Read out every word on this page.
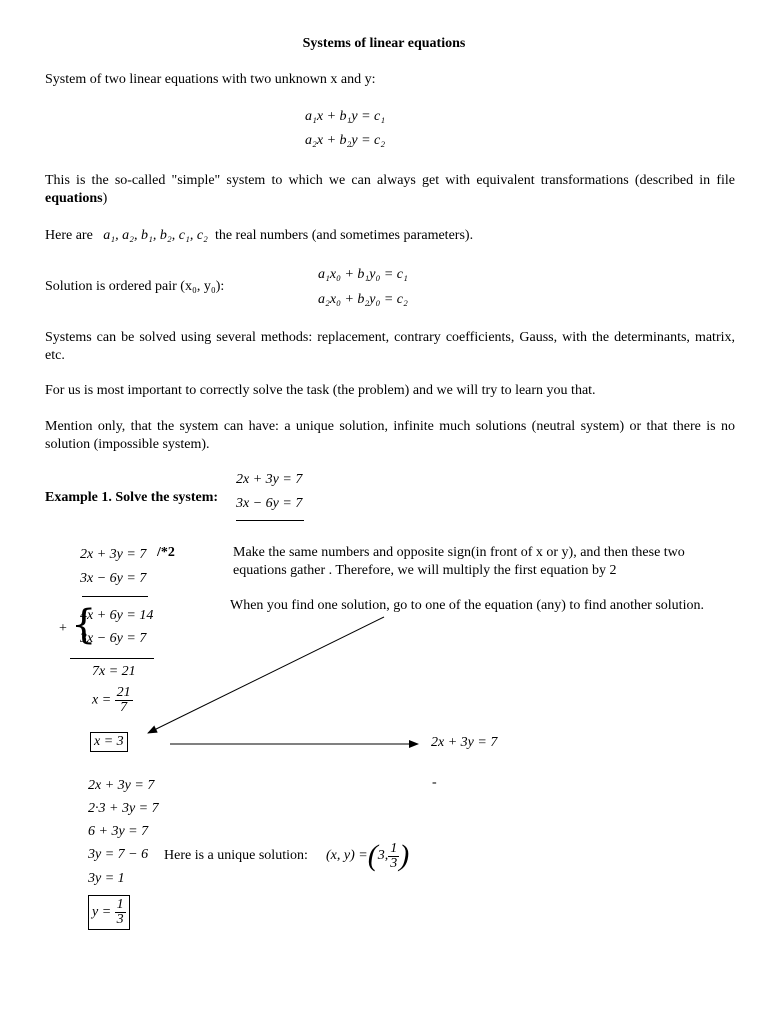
Systems of linear equations
System of two linear equations with two unknown x and y:
a₁x + b₁y = c₁
a₂x + b₂y = c₂
This is the so-called "simple" system to which we can always get with equivalent transformations (described in file equations)
Here are a₁, a₂, b₁, b₂, c₁, c₂ the real numbers (and sometimes parameters).
Solution is ordered pair (x₀, y₀):
a₁x₀ + b₁y₀ = c₁
a₂x₀ + b₂y₀ = c₂
Systems can be solved using several methods: replacement, contrary coefficients, Gauss, with the determinants, matrix, etc.
For us is most important to correctly solve the task (the problem) and we will try to learn you that.
Mention only, that the system can have: a unique solution, infinite much solutions (neutral system) or that there is no solution (impossible system).
Example 1. Solve the system:
2x + 3y = 7
3x − 6y = 7
2x + 3y = 7 /*2
3x − 6y = 7
Make the same numbers and opposite sign(in front of x or y), and then these two equations gather . Therefore, we will multiply the first equation by 2
+ {
4x + 6y = 14
3x − 6y = 7
When you find one solution, go to one of the equation (any) to find another solution.
7x = 21
$x = \frac{21}{7}$
x = 3	2x + 3y = 7
-
2x + 3y = 7
2·3 + 3y = 7
6 + 3y = 7
3y = 7 − 6
3y = 1
Here is a unique solution: (x, y) = ( 3, $\frac{1}{3}$ )
$y = \frac{1}{3}$
